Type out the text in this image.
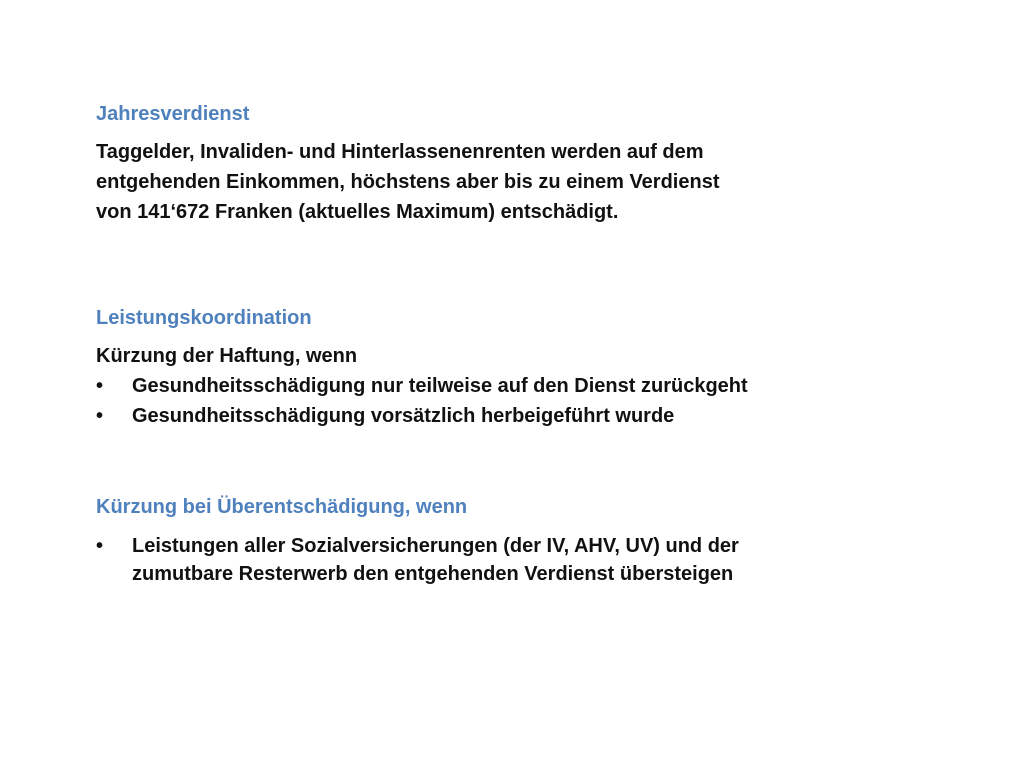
Jahresverdienst

Taggelder, Invaliden- und Hinterlassenenrenten werden auf dem
entgehenden Einkommen, höchstens aber bis zu einem Verdienst
von 141‘672 Franken (aktuelles Maximum) entschädigt.

Leistungskoordination

Kürzung der Haftung, wenn

•	Gesundheitsschädigung nur teilweise auf den Dienst zurückgeht
•	Gesundheitsschädigung vorsätzlich herbeigeführt wurde
Kürzung bei Überentschädigung, wenn
•	Leistungen aller Sozialversicherungen (der IV, AHV, UV) und der zumutbare Resterwerb den entgehenden Verdienst übersteigen
